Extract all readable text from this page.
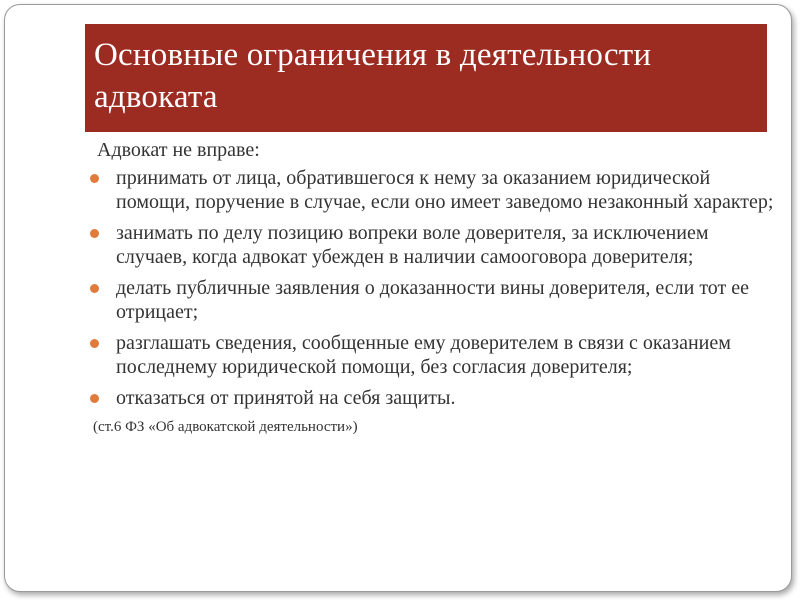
Основные ограничения в деятельности адвоката

Адвокат не вправе:

принимать от лица, обратившегося к нему за оказанием юридической помощи, поручение в случае, если оно имеет заведомо незаконный характер;
занимать по делу позицию вопреки воле доверителя, за исключением случаев, когда адвокат убежден в наличии самооговора доверителя;
делать публичные заявления о доказанности вины доверителя, если тот ее отрицает;
разглашать сведения, сообщенные ему доверителем в связи с оказанием последнему юридической помощи, без согласия доверителя;
отказаться от принятой на себя защиты.

(ст.6 ФЗ «Об адвокатской деятельности»)
